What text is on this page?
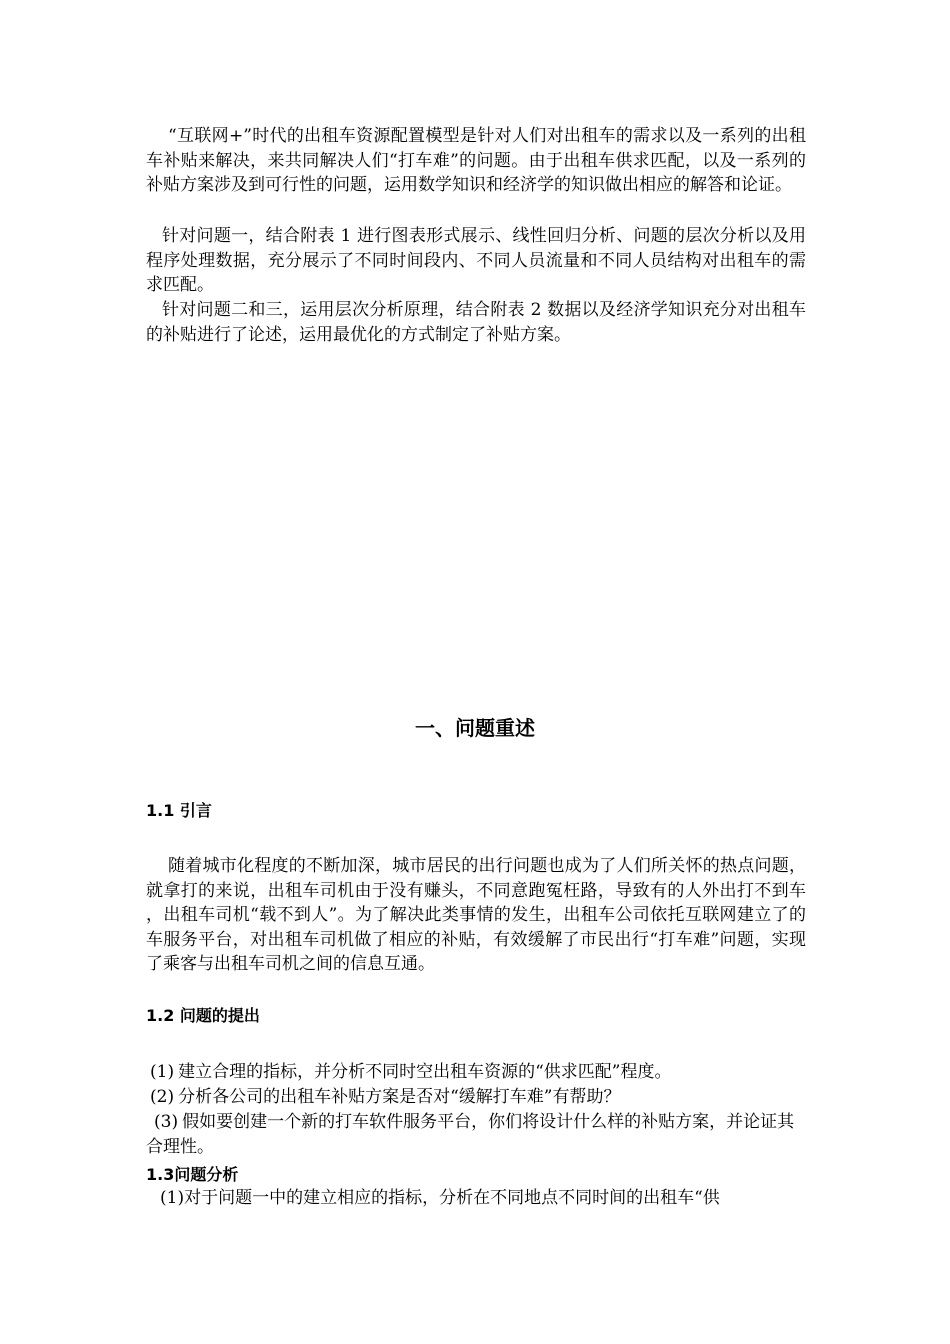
“互联网+”时代的出租车资源配置模型是针对人们对出租车的需求以及一系列的出租车补贴来解决，来共同解决人们“打车难”的问题。由于出租车供求匹配，以及一系列的补贴方案涉及到可行性的问题，运用数学知识和经济学的知识做出相应的解答和论证。

针对问题一，结合附表 1 进行图表形式展示、线性回归分析、问题的层次分析以及用程序处理数据，充分展示了不同时间段内、不同人员流量和不同人员结构对出租车的需求匹配。

针对问题二和三，运用层次分析原理，结合附表 2 数据以及经济学知识充分对出租车的补贴进行了论述，运用最优化的方式制定了补贴方案。

一、问题重述
1.1 引言

随着城市化程度的不断加深，城市居民的出行问题也成为了人们所关怀的热点问题，就拿打的来说，出租车司机由于没有赚头，不同意跑冤枉路，导致有的人外出打不到车 ，出租车司机“载不到人”。为了解决此类事情的发生，出租车公司依托互联网建立了的车服务平台，对出租车司机做了相应的补贴，有效缓解了市民出行“打车难”问题，实现了乘客与出租车司机之间的信息互通。

1.2 问题的提出
(1) 建立合理的指标，并分析不同时空出租车资源的“供求匹配”程度。
(2) 分析各公司的出租车补贴方案是否对“缓解打车难”有帮助？
(3) 假如要创建一个新的打车软件服务平台，你们将设计什么样的补贴方案，并论证其合理性。
1.3问题分析

(1)对于问题一中的建立相应的指标，分析在不同地点不同时间的出租车“供
